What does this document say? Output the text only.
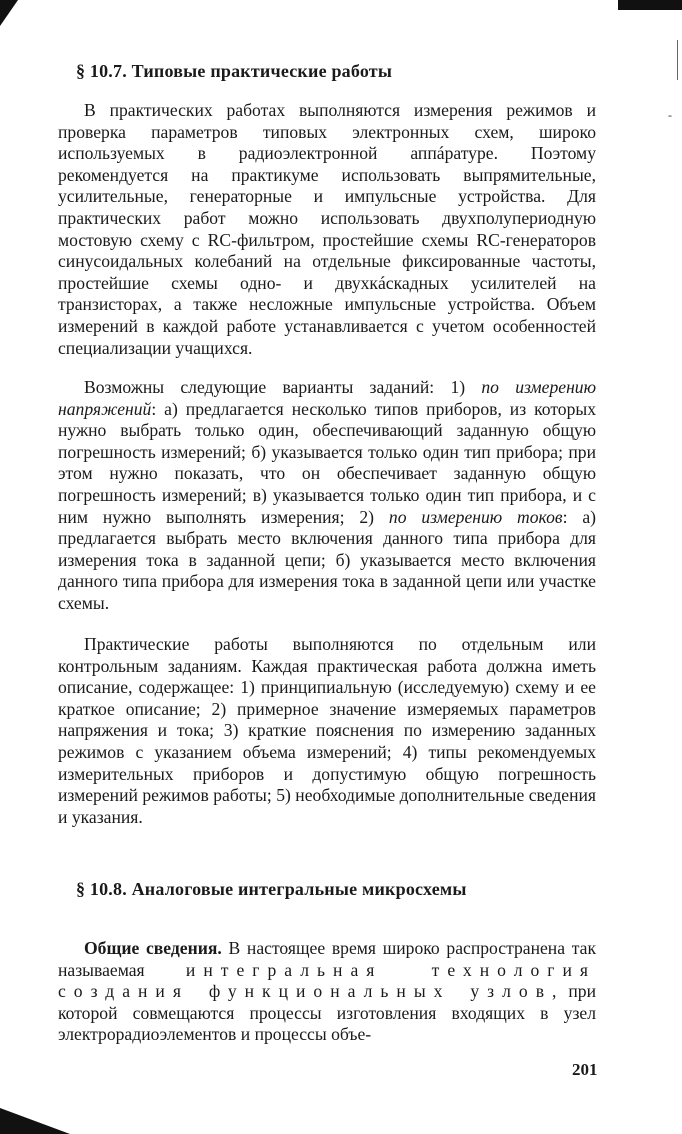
-
§ 10.7. Типовые практические работы

В практических работах выполняются измерения режимов и проверка параметров типовых электронных схем, широко используемых в радиоэлектронной аппáратуре. Поэтому рекомендуется на практикуме использовать выпрямительные, усилительные, генераторные и импульсные устройства. Для практических работ можно использовать двухполупериодную мостовую схему с RC-фильтром, простейшие схемы RC-генераторов синусоидальных колебаний на отдельные фиксированные частоты, простейшие схемы одно- и двухкáскадных усилителей на транзисторах, а также несложные импульсные устройства. Объем измерений в каждой работе устанавливается с учетом особенностей специализации учащихся.

Возможны следующие варианты заданий: 1) по измерению напряжений: а) предлагается несколько типов приборов, из которых нужно выбрать только один, обеспечивающий заданную общую погрешность измерений; б) указывается только один тип прибора; при этом нужно показать, что он обеспечивает заданную общую погрешность измерений; в) указывается только один тип прибора, и с ним нужно выполнять измерения; 2) по измерению токов: а) предлагается выбрать место включения данного типа прибора для измерения тока в заданной цепи; б) указывается место включения данного типа прибора для измерения тока в заданной цепи или участке схемы.

Практические работы выполняются по отдельным или контрольным заданиям. Каждая практическая работа должна иметь описание, содержащее: 1) принципиальную (исследуемую) схему и ее краткое описание; 2) примерное значение измеряемых параметров напряжения и тока; 3) краткие пояснения по измерению заданных режимов с указанием объема измерений; 4) типы рекомендуемых измерительных приборов и допустимую общую погрешность измерений режимов работы; 5) необходимые дополнительные сведения и указания.

§ 10.8. Аналоговые интегральные микросхемы

Общие сведения. В настоящее время широко распространена так называемая интегральная технология создания функциональных узлов, при которой совмещаются процессы изготовления входящих в узел электрорадиоэлементов и процессы объе-

201
